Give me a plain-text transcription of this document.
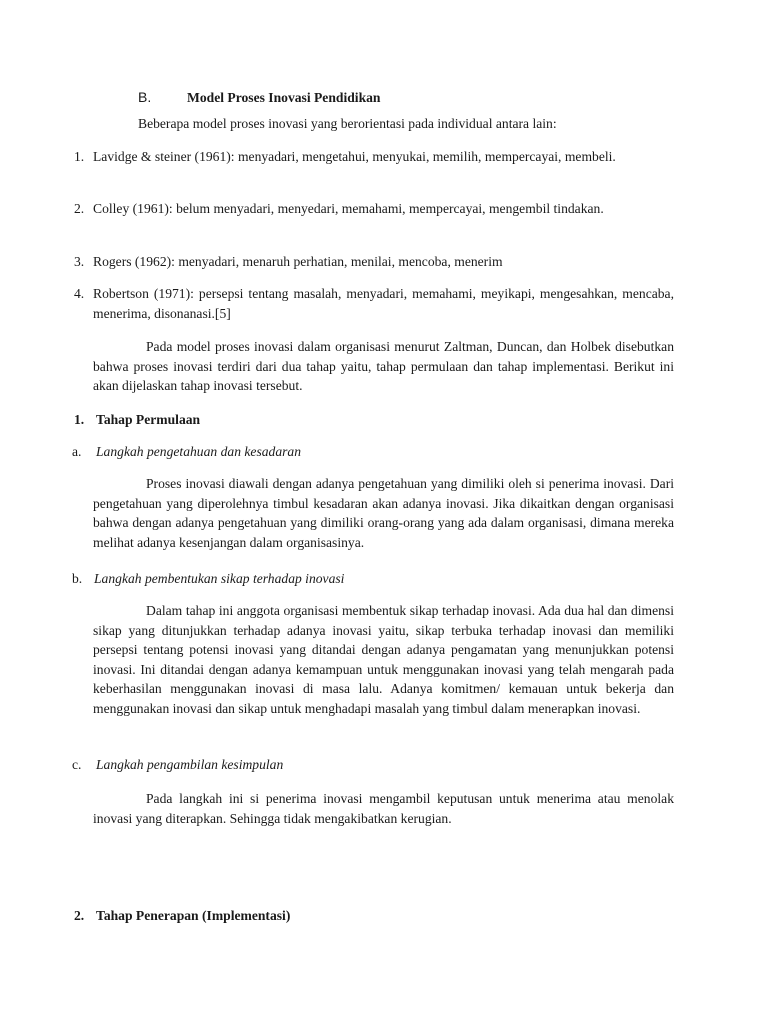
B.	Model Proses Inovasi Pendidikan

Beberapa model proses inovasi yang berorientasi pada individual antara lain:

1. Lavidge & steiner (1961): menyadari, mengetahui, menyukai, memilih, mempercayai, membeli.

2. Colley (1961): belum menyadari, menyedari, memahami, mempercayai, mengembil tindakan.

3. Rogers (1962): menyadari, menaruh perhatian, menilai, mencoba, menerim

4. Robertson (1971): persepsi tentang masalah, menyadari, memahami, meyikapi, mengesahkan, mencaba, menerima, disonanasi.[5]

Pada model proses inovasi dalam organisasi menurut Zaltman, Duncan, dan Holbek disebutkan bahwa proses inovasi terdiri dari dua tahap yaitu, tahap permulaan dan tahap implementasi. Berikut ini akan dijelaskan tahap inovasi tersebut.

1. Tahap Permulaan
a. Langkah pengetahuan dan kesadaran

Proses inovasi diawali dengan adanya pengetahuan yang dimiliki oleh si penerima inovasi. Dari pengetahuan yang diperolehnya timbul kesadaran akan adanya inovasi. Jika dikaitkan dengan organisasi bahwa dengan adanya pengetahuan yang dimiliki orang-orang yang ada dalam organisasi, dimana mereka melihat adanya kesenjangan dalam organisasinya.

b. Langkah pembentukan sikap terhadap inovasi

Dalam tahap ini anggota organisasi membentuk sikap terhadap inovasi. Ada dua hal dan dimensi sikap yang ditunjukkan terhadap adanya inovasi yaitu, sikap terbuka terhadap inovasi dan memiliki persepsi tentang potensi inovasi yang ditandai dengan adanya pengamatan yang menunjukkan potensi inovasi. Ini ditandai dengan adanya kemampuan untuk menggunakan inovasi yang telah mengarah pada keberhasilan menggunakan inovasi di masa lalu. Adanya komitmen/ kemauan untuk bekerja dan menggunakan inovasi dan sikap untuk menghadapi masalah yang timbul dalam menerapkan inovasi.

c. Langkah pengambilan kesimpulan

Pada langkah ini si penerima inovasi mengambil keputusan untuk menerima atau menolak inovasi yang diterapkan. Sehingga tidak mengakibatkan kerugian.

2. Tahap Penerapan (Implementasi)
